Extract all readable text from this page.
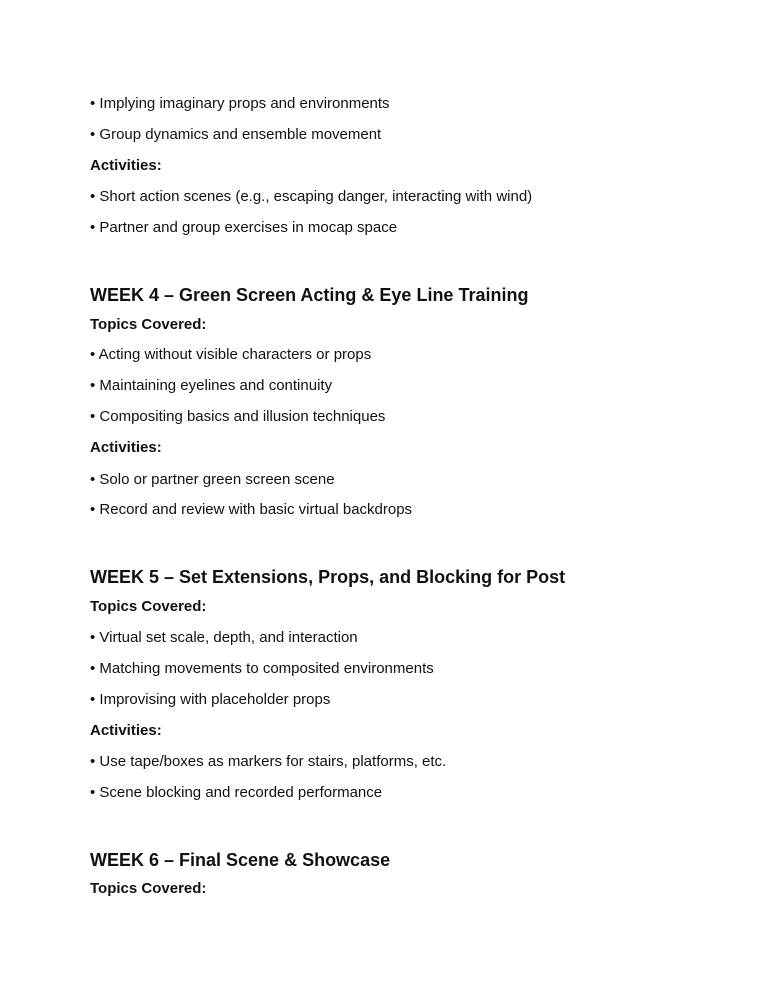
• Implying imaginary props and environments
• Group dynamics and ensemble movement
Activities:
• Short action scenes (e.g., escaping danger, interacting with wind)
• Partner and group exercises in mocap space
WEEK 4 – Green Screen Acting & Eye Line Training
Topics Covered:
• Acting without visible characters or props
• Maintaining eyelines and continuity
• Compositing basics and illusion techniques
Activities:
• Solo or partner green screen scene
• Record and review with basic virtual backdrops
WEEK 5 – Set Extensions, Props, and Blocking for Post
Topics Covered:
• Virtual set scale, depth, and interaction
• Matching movements to composited environments
• Improvising with placeholder props
Activities:
• Use tape/boxes as markers for stairs, platforms, etc.
• Scene blocking and recorded performance
WEEK 6 – Final Scene & Showcase
Topics Covered:
